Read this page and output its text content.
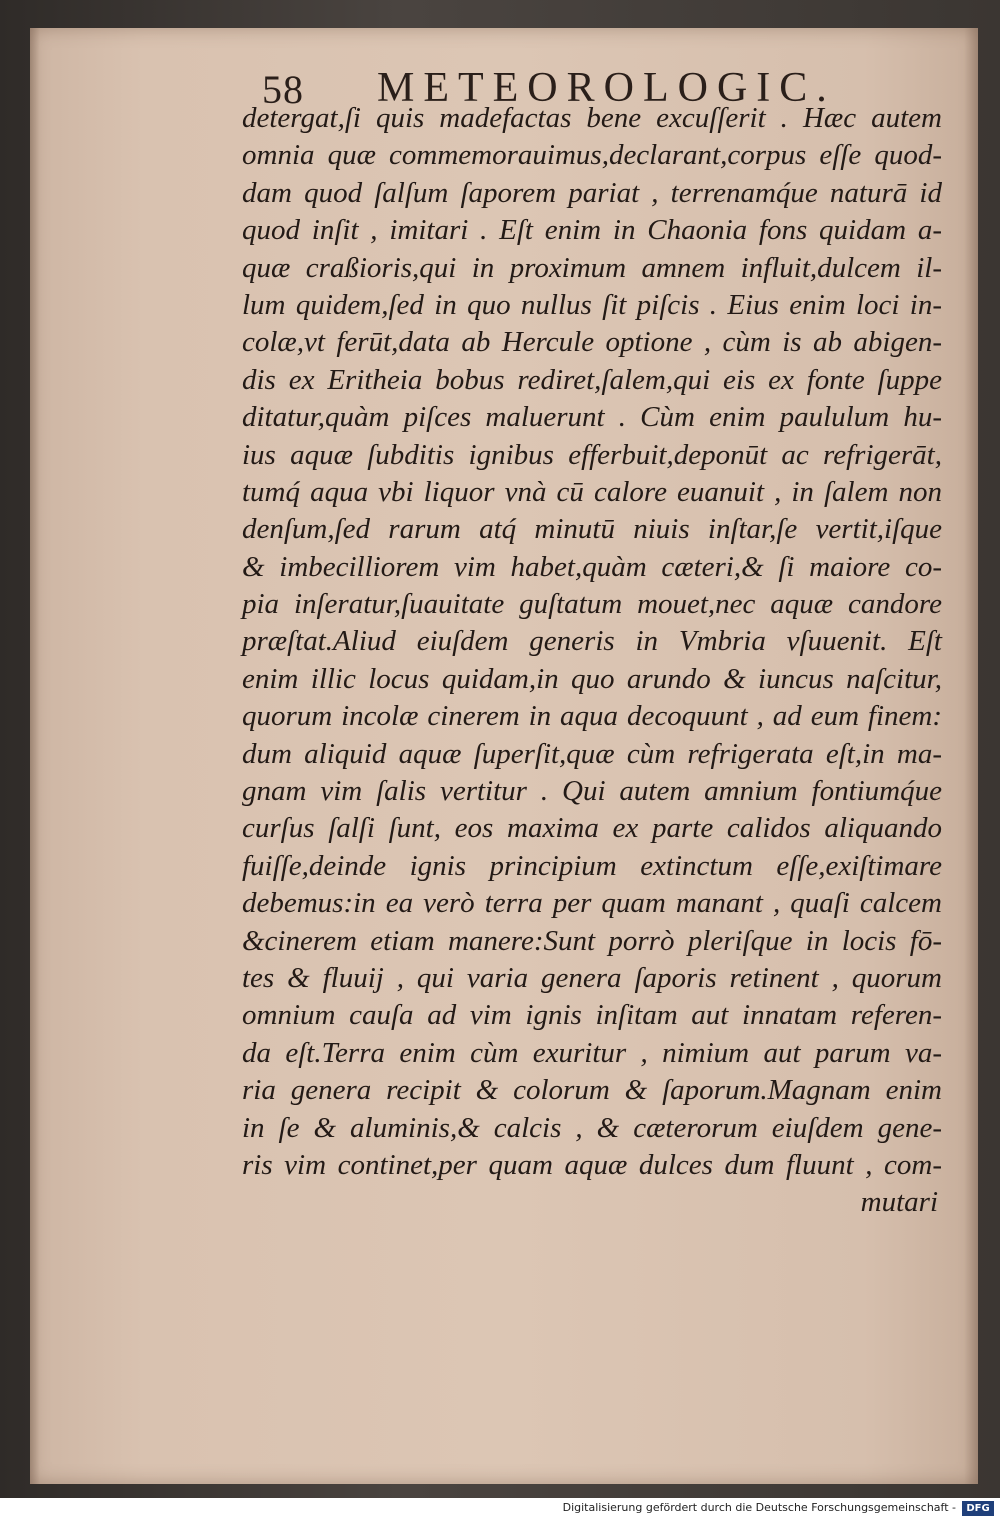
58 METEOROLOGIC.
detergat,ſi quis madefactas bene excuſſerit . Hæc autem
omnia quæ commemorauimus,declarant,corpus eſſe quod-
dam quod ſalſum ſaporem pariat , terrenamq́ue naturā id
quod inſit , imitari . Eſt enim in Chaonia fons quidam a-
quæ craßioris,qui in proximum amnem influit,dulcem il-
lum quidem,ſed in quo nullus ſit piſcis . Eius enim loci in-
colæ,vt ferūt,data ab Hercule optione , cùm is ab abigen-
dis ex Eritheia bobus rediret,ſalem,qui eis ex fonte ſuppe
ditatur,quàm piſces maluerunt . Cùm enim paululum hu-
ius aquæ ſubditis ignibus efferbuit,deponūt ac refrigerāt,
tumq́ aqua vbi liquor vnà cū calore euanuit , in ſalem non
denſum,ſed rarum atq́ minutū niuis inſtar,ſe vertit,iſque
& imbecilliorem vim habet,quàm cæteri,& ſi maiore co-
pia inſeratur,ſuauitate guſtatum mouet,nec aquæ candore
præſtat.Aliud eiuſdem generis in Vmbria vſuuenit. Eſt
enim illic locus quidam,in quo arundo & iuncus naſcitur,
quorum incolæ cinerem in aqua decoquunt , ad eum finem:
dum aliquid aquæ ſuperſit,quæ cùm refrigerata eſt,in ma-
gnam vim ſalis vertitur . Qui autem amnium fontiumq́ue
curſus ſalſi ſunt, eos maxima ex parte calidos aliquando
fuiſſe,deinde ignis principium extinctum eſſe,exiſtimare
debemus:in ea verò terra per quam manant , quaſi calcem
&cinerem etiam manere:Sunt porrò pleriſque in locis fō-
tes & fluuij , qui varia genera ſaporis retinent , quorum
omnium cauſa ad vim ignis inſitam aut innatam referen-
da eſt.Terra enim cùm exuritur , nimium aut parum va-
ria genera recipit & colorum & ſaporum.Magnam enim
in ſe & aluminis,& calcis , & cæterorum eiuſdem gene-
ris vim continet,per quam aquæ dulces dum fluunt , com-
mutari
Digitalisierung gefördert durch die Deutsche Forschungsgemeinschaft -	DFG
